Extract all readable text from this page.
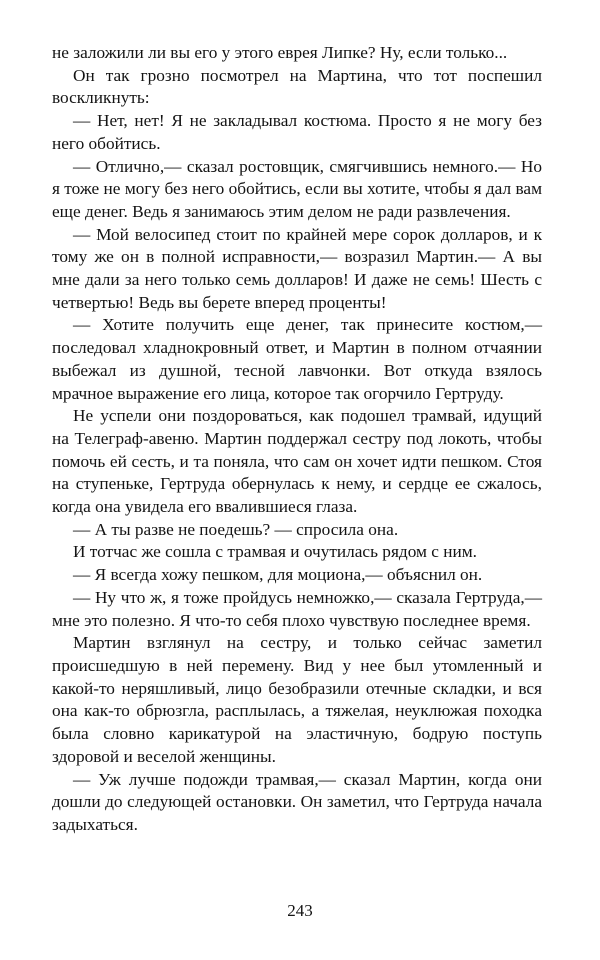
не заложили ли вы его у этого еврея Липке? Ну, если только...

Он так грозно посмотрел на Мартина, что тот поспешил воскликнуть:

— Нет, нет! Я не закладывал костюма. Просто я не могу без него обойтись.

— Отлично,— сказал ростовщик, смягчившись немного.— Но я тоже не могу без него обойтись, если вы хотите, чтобы я дал вам еще денег. Ведь я занимаюсь этим делом не ради развлечения.

— Мой велосипед стоит по крайней мере сорок долларов, и к тому же он в полной исправности,— возразил Мартин.— А вы мне дали за него только семь долларов! И даже не семь! Шесть с четвертью! Ведь вы берете вперед проценты!

— Хотите получить еще денег, так принесите костюм,— последовал хладнокровный ответ, и Мартин в полном отчаянии выбежал из душной, тесной лавчонки. Вот откуда взялось мрачное выражение его лица, которое так огорчило Гертруду.

Не успели они поздороваться, как подошел трамвай, идущий на Телеграф-авеню. Мартин поддержал сестру под локоть, чтобы помочь ей сесть, и та поняла, что сам он хочет идти пешком. Стоя на ступеньке, Гертруда обернулась к нему, и сердце ее сжалось, когда она увидела его ввалившиеся глаза.

— А ты разве не поедешь? — спросила она.

И тотчас же сошла с трамвая и очутилась рядом с ним.

— Я всегда хожу пешком, для моциона,— объяснил он.

— Ну что ж, я тоже пройдусь немножко,— сказала Гертруда,— мне это полезно. Я что-то себя плохо чувствую последнее время.

Мартин взглянул на сестру, и только сейчас заметил происшедшую в ней перемену. Вид у нее был утомленный и какой-то неряшливый, лицо безобразили отечные складки, и вся она как-то обрюзгла, расплылась, а тяжелая, неуклюжая походка была словно карикатурой на эластичную, бодрую поступь здоровой и веселой женщины.

— Уж лучше подожди трамвая,— сказал Мартин, когда они дошли до следующей остановки. Он заметил, что Гертруда начала задыхаться.

243
